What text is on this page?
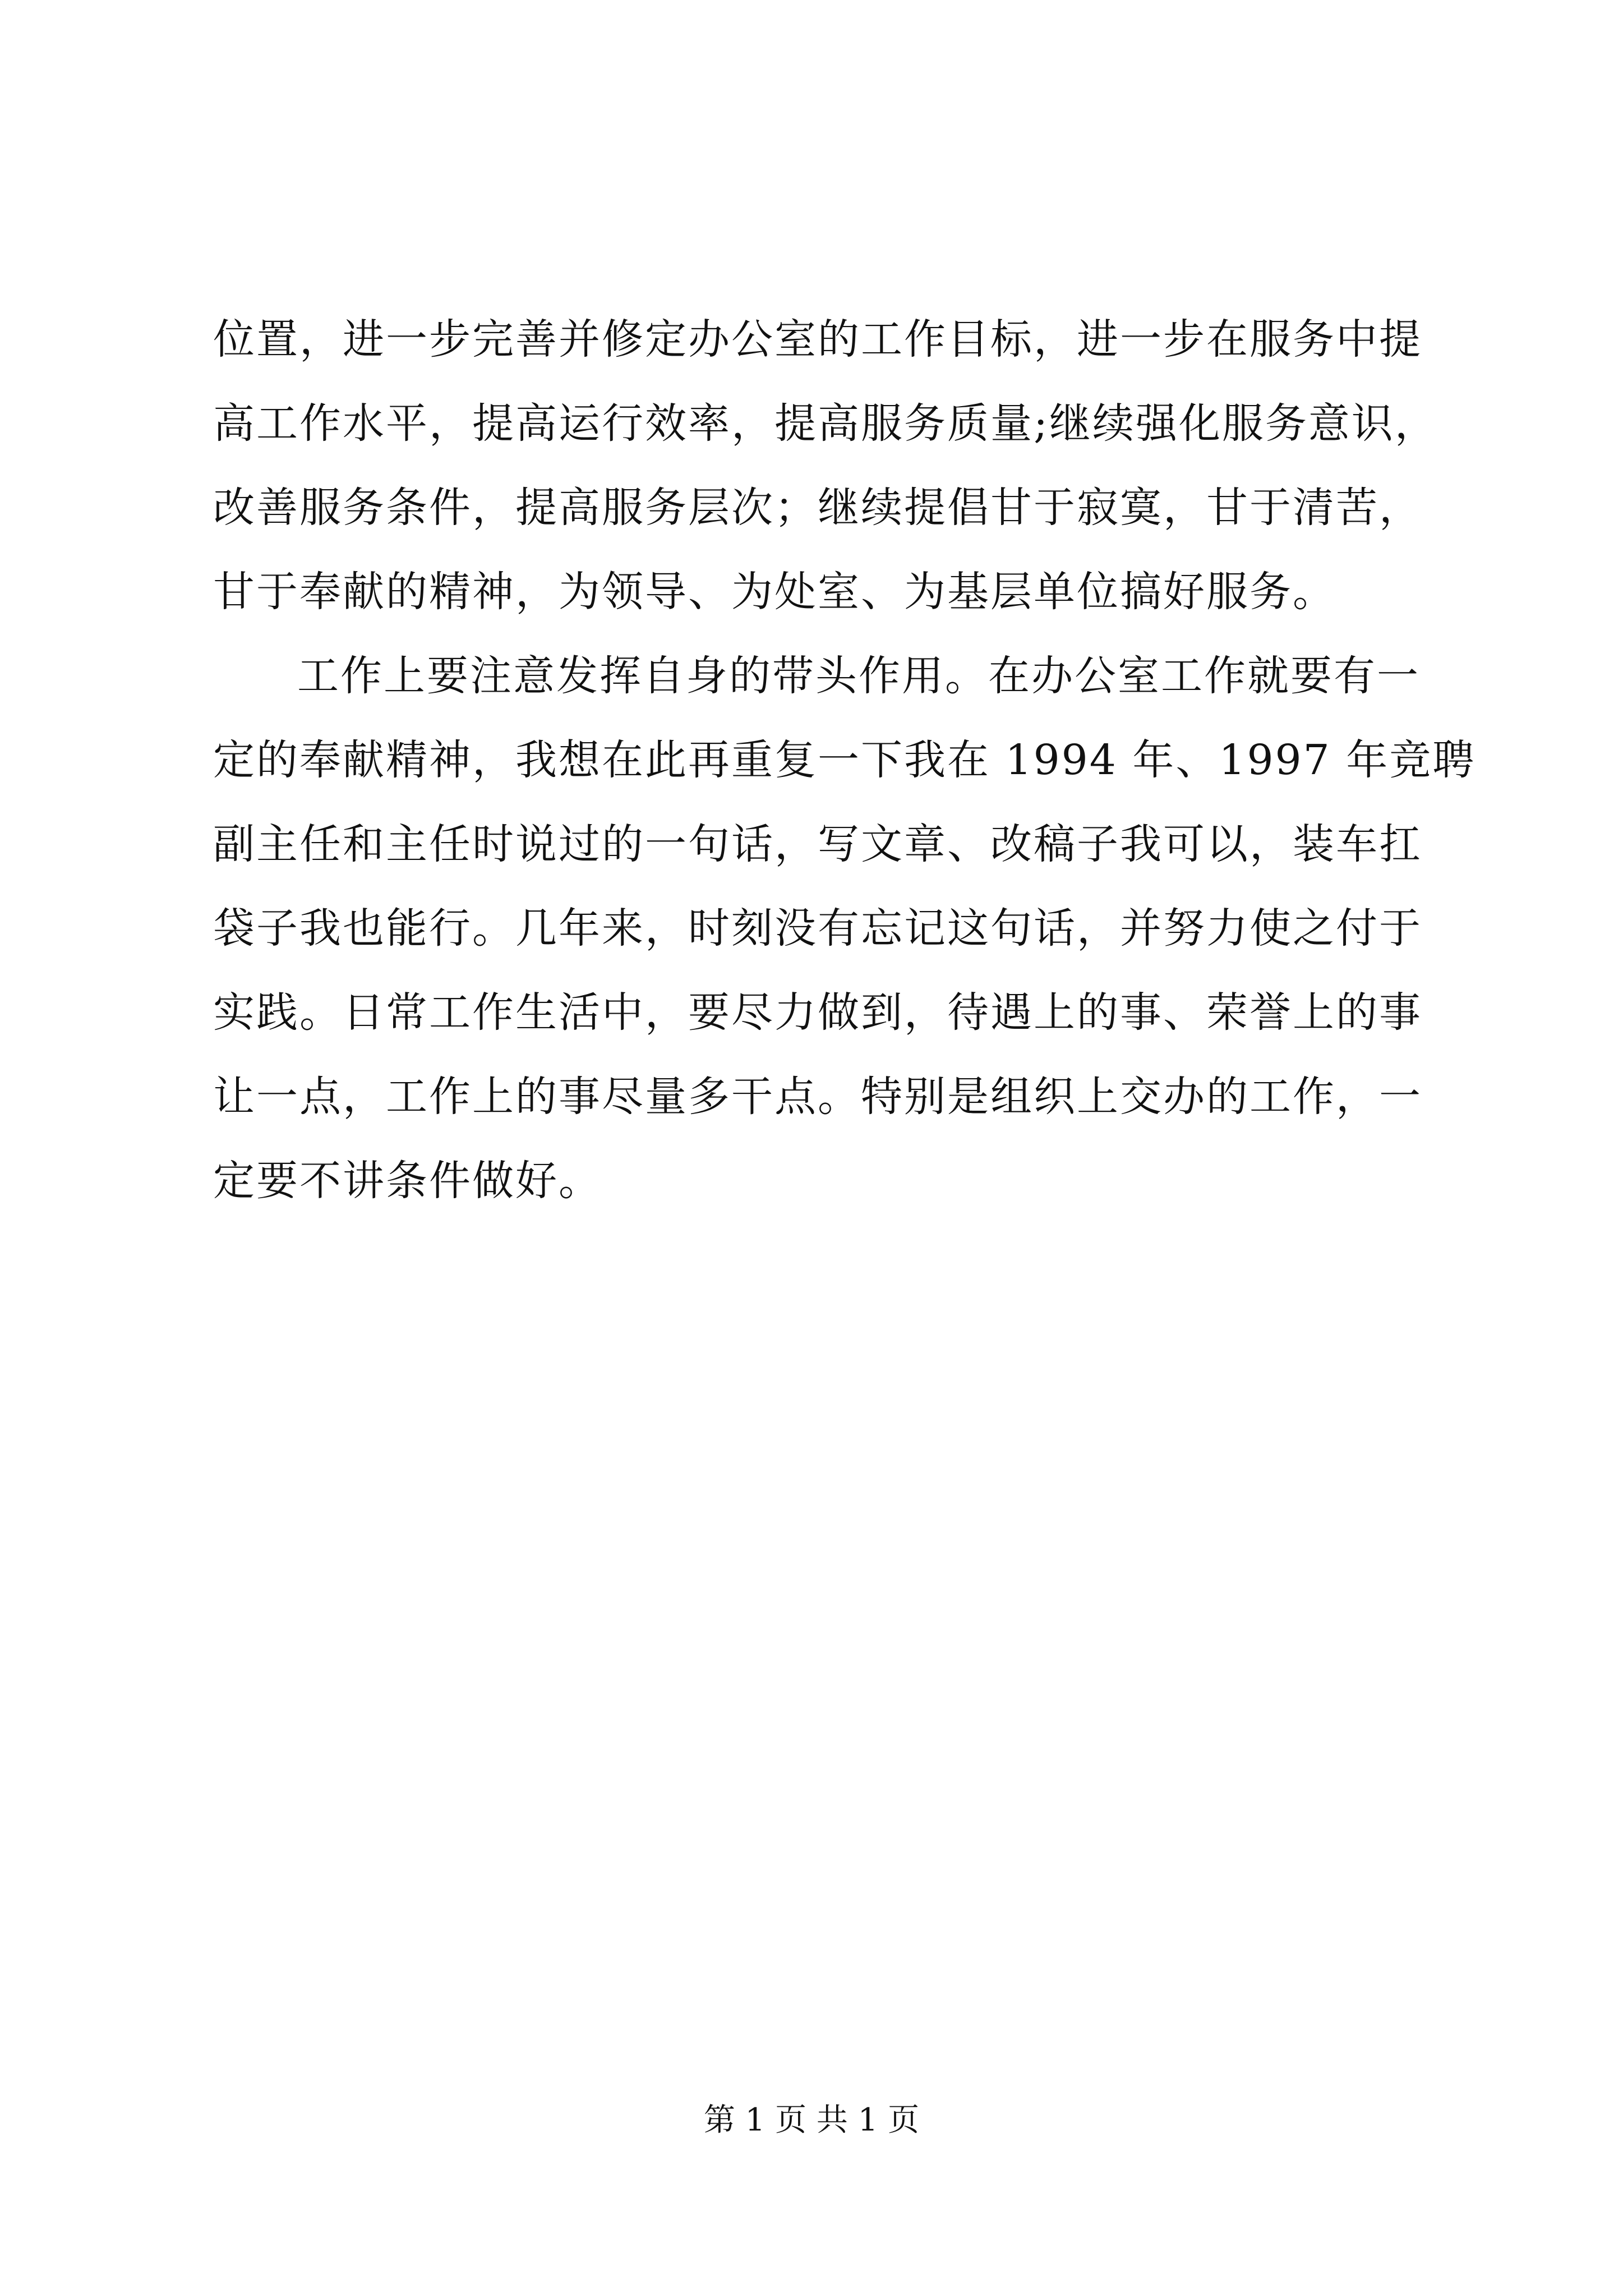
位置，进一步完善并修定办公室的工作目标，进一步在服务中提
高工作水平，提高运行效率，提高服务质量;继续强化服务意识，
改善服务条件，提高服务层次；继续提倡甘于寂寞，甘于清苦，
甘于奉献的精神，为领导、为处室、为基层单位搞好服务。
工作上要注意发挥自身的带头作用。在办公室工作就要有一
定的奉献精神，我想在此再重复一下我在 1994 年、1997 年竞聘
副主任和主任时说过的一句话，写文章、改稿子我可以，装车扛
袋子我也能行。几年来，时刻没有忘记这句话，并努力使之付于
实践。日常工作生活中，要尽力做到，待遇上的事、荣誉上的事
让一点，工作上的事尽量多干点。特别是组织上交办的工作，一
定要不讲条件做好。
第 1 页 共 1 页
